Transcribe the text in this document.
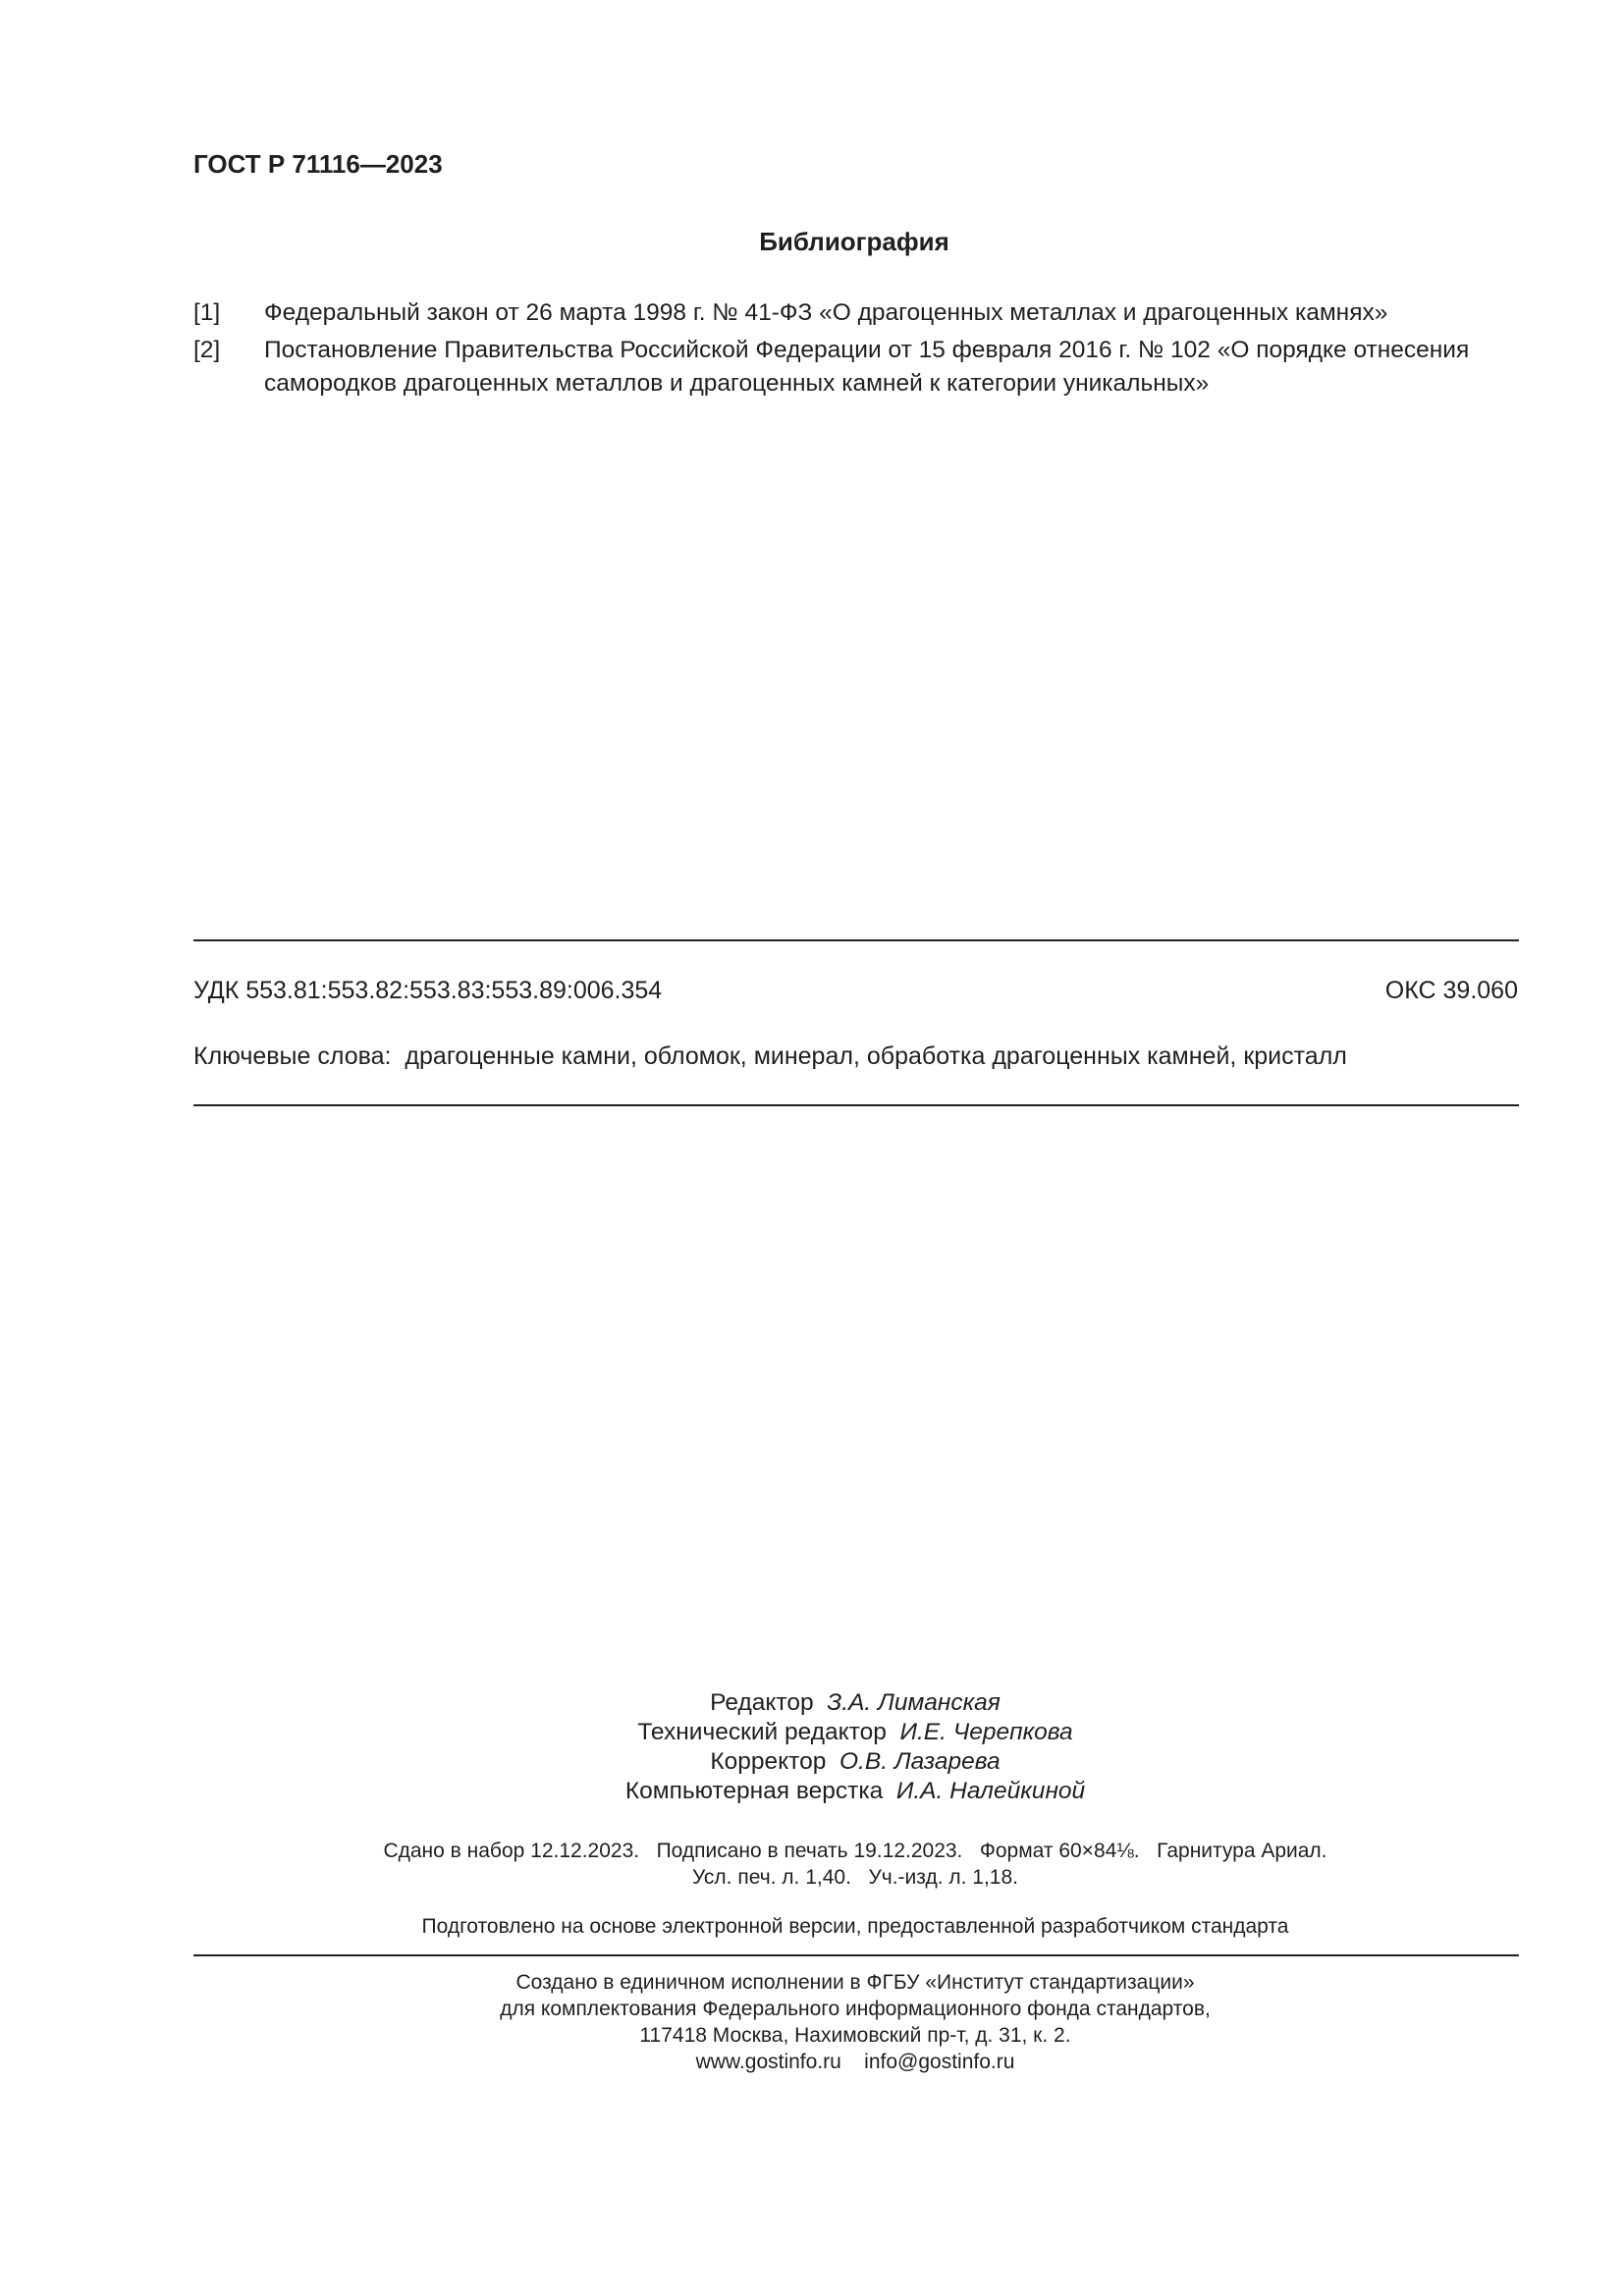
ГОСТ Р 71116—2023
Библиография
[1] Федеральный закон от 26 марта 1998 г. № 41-ФЗ «О драгоценных металлах и драгоценных камнях»
[2] Постановление Правительства Российской Федерации от 15 февраля 2016 г. № 102 «О порядке отнесения самородков драгоценных металлов и драгоценных камней к категории уникальных»
УДК 553.81:553.82:553.83:553.89:006.354	ОКС 39.060
Ключевые слова: драгоценные камни, обломок, минерал, обработка драгоценных камней, кристалл
Редактор З.А. Лиманская
Технический редактор И.Е. Черепкова
Корректор О.В. Лазарева
Компьютерная верстка И.А. Налейкиной
Сдано в набор 12.12.2023.   Подписано в печать 19.12.2023.   Формат 60×84⅛.   Гарнитура Ариал.
Усл. печ. л. 1,40.   Уч.-изд. л. 1,18.
Подготовлено на основе электронной версии, предоставленной разработчиком стандарта
Создано в единичном исполнении в ФГБУ «Институт стандартизации»
для комплектования Федерального информационного фонда стандартов,
117418 Москва, Нахимовский пр-т, д. 31, к. 2.
www.gostinfo.ru info@gostinfo.ru
